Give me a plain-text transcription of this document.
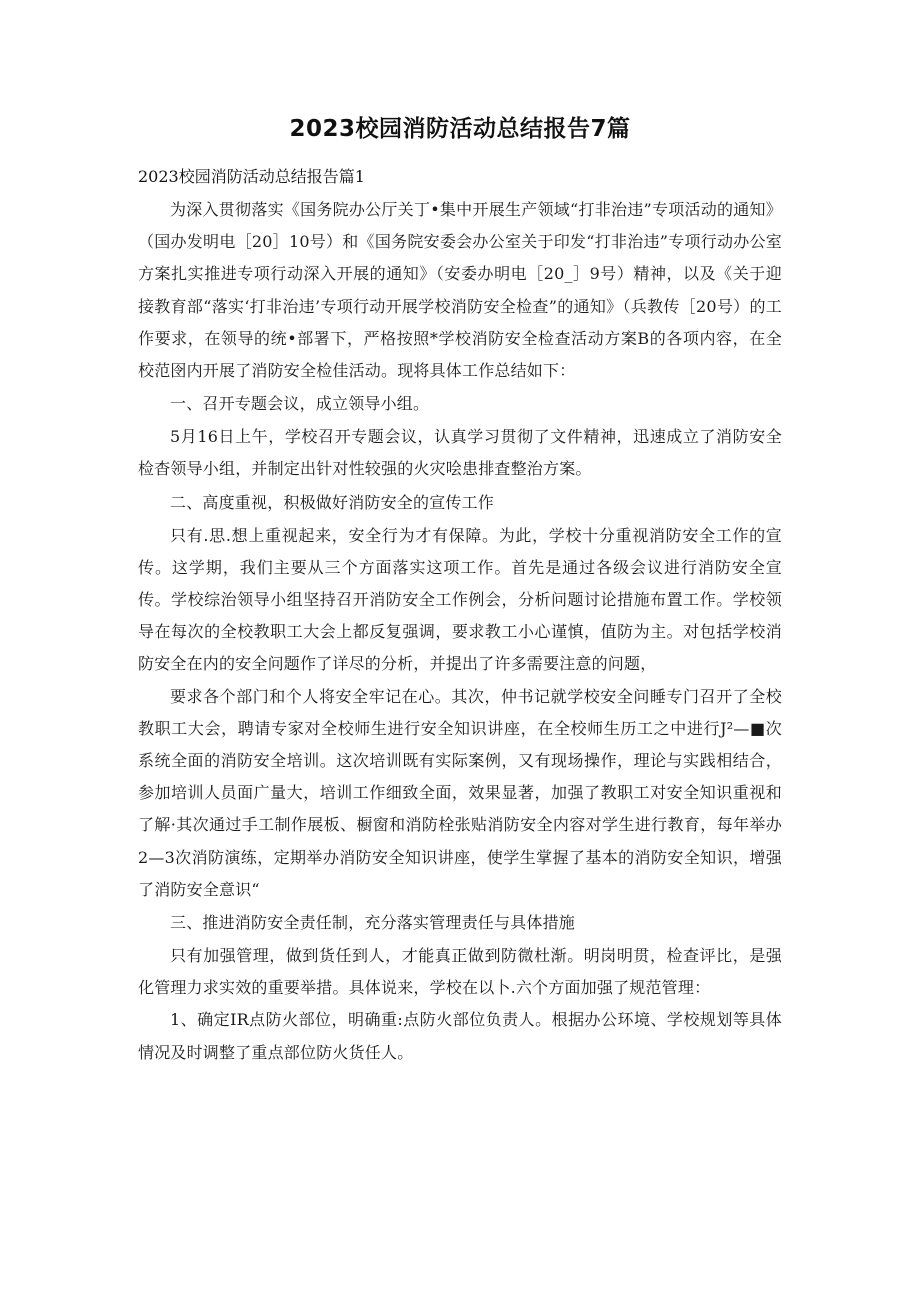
2023校园消防活动总结报告7篇

2023校园消防活动总结报告篇1

为深入贯彻落实《国务院办公厅关丁•集中开展生产领域“打非治违”专项活动的通知》（国办发明电［20］10号）和《国务院安委会办公室关于印发“打非治违”专项行动办公室方案扎实推进专项行动深入开展的通知》（安委办明电［20_］9号）精神，以及《关于迎接教育部“落实‘打非治违’专项行动开展学校消防安全检查”的通知》（兵教传［20号）的工作要求，在领导的统•部署下，严格按照*学校消防安全检查活动方案B的各项内容，在全校范囹内开展了消防安全检佳活动。现将具体工作总结如下：

一、召开专题会议，成立领导小组。

5月16日上午，学校召开专题会议，认真学习贯彻了文件精神，迅速成立了消防安全检杳领导小组，并制定出针对性较强的火灾哙患排査整治方案。

二、高度重视，积极做好消防安全的宣传工作

只有.思.想上重视起来，安全行为才有保障。为此，学校十分重视消防安全工作的宣传。这学期，我们主要从三个方面落实这项工作。首先是通过各级会议进行消防安全宣传。学校综治领导小组坚持召开消防安全工作例会，分析问题讨论措施布置工作。学校领导在每次的全校教职工大会上都反复强调，要求教工小心谨慎，值防为主。对包括学校消防安全在内的安全问题作了详尽的分析，并提出了许多需要注意的问题，

要求各个部门和个人将安全牢记在心。其次，仲书记就学校安全问睡专门召开了全校教职工大会，聘请专家对全校师生进行安全知识讲座，在全校师生历工之中进行J²—■次系统全面的消防安全培训。这次培训既有实际案例，又有现场操作，理论与实践相结合，参加培训人员面广量大，培训工作细致全面，效果显著，加强了教职工对安全知识重视和了解·其次通过手工制作展板、橱窗和消防栓张贴消防安全内容对学生进行教育，每年举办2—3次消防演练，定期举办消防安全知识讲座，使学生掌握了基本的消防安全知识，增强了消防安全意识“

三、推进消防安全责任制，充分落实管理责任与具体措施

只有加强管理，做到货任到人，才能真正做到防微杜渐。明岗明贯，检查评比，是强化管理力求实效的重要举措。具体说来，学校在以卜.六个方面加强了规范管理：

1、确定IR点防火部位，明确重:点防火部位负责人。根据办公环境、学校规划等具体情况及时调整了重点部位防火货任人。
